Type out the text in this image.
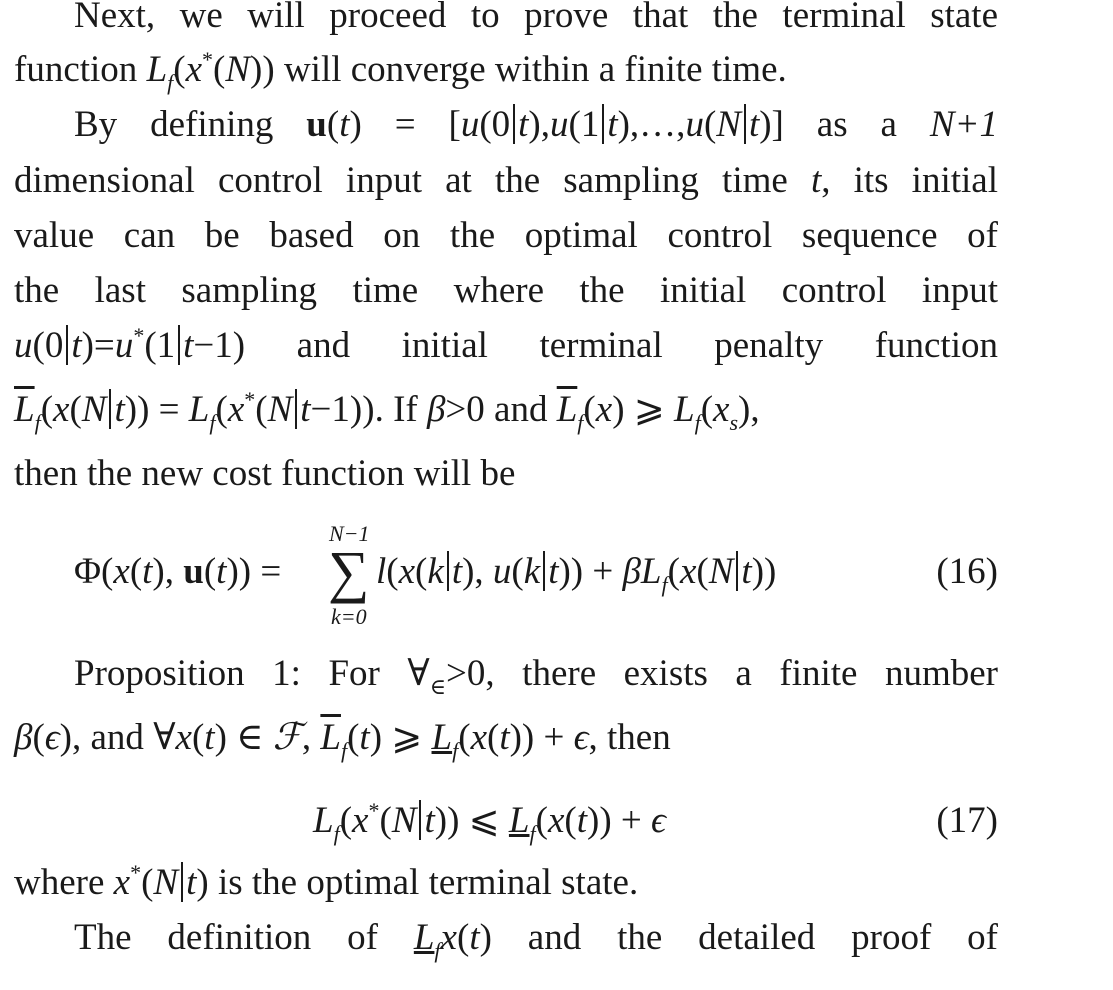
Next, we will proceed to prove that the terminal state
function $L_f(x^*(N))$ will converge within a finite time.
By defining u(t) = [u(0 t),u(1 t),…,u(N t)] as a N+1
dimensional control input at the sampling time t, its initial
value can be based on the optimal control sequence of
the last sampling time where the initial control input
u(0 t)=u*(1 t−1) and initial terminal penalty function
$\overline{L}_f(x(N$ $t)) = L_f(x^*(N$ t−1)). If β>0 and $\overline{L}_f(x)$ ⩾ $L_f(x_s)$,
then the new cost function will be
N−1
∑
k=0
Φ(x(t), u(t)) =	l(x(k t), u(k $t)) + \beta L_f(x(N$ t))	(16)
Proposition 1: For $\forall_\in>0$, there exists a finite number
β(ϵ), and ∀x(t) ∈ ℱ, $\overline{L}_f(t)$ ⩾ $L_f(x(t)) + \epsilon$, then
$L_f(x^*(N$ t)) ⩽ $L_f(x(t)) + \epsilon$	(17)
where x*(N t) is the optimal terminal state.
The definition of $L_fx(t)$ and the detailed proof of
